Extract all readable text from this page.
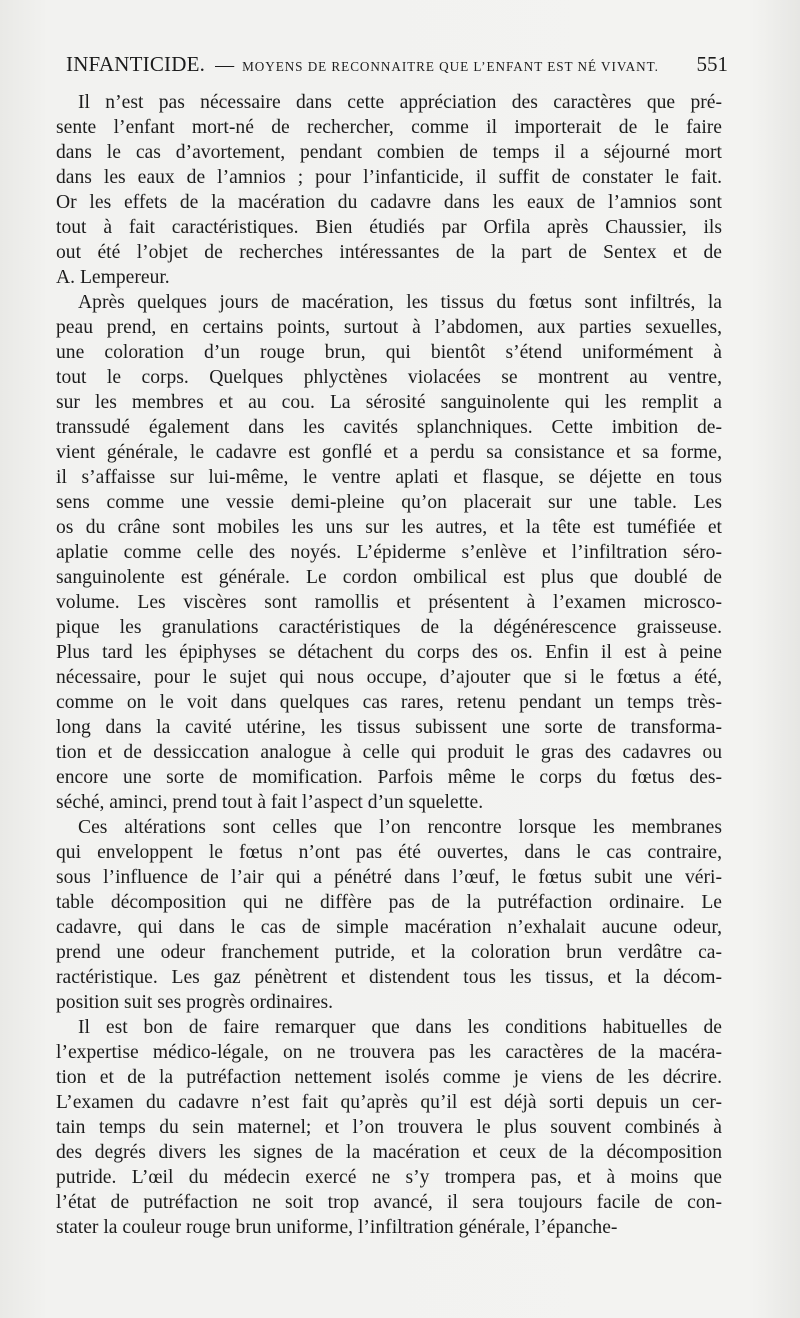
INFANTICIDE. — MOYENS DE RECONNAITRE QUE L’ENFANT EST NÉ VIVANT. 551

Il n’est pas nécessaire dans cette appréciation des caractères que pré-
sente l’enfant mort-né de rechercher, comme il importerait de le faire
dans le cas d’avortement, pendant combien de temps il a séjourné mort
dans les eaux de l’amnios ; pour l’infanticide, il suffit de constater le fait.
Or les effets de la macération du cadavre dans les eaux de l’amnios sont
tout à fait caractéristiques. Bien étudiés par Orfila après Chaussier, ils
out été l’objet de recherches intéressantes de la part de Sentex et de
A. Lempereur.

Après quelques jours de macération, les tissus du fœtus sont infiltrés, la
peau prend, en certains points, surtout à l’abdomen, aux parties sexuelles,
une coloration d’un rouge brun, qui bientôt s’étend uniformément à
tout le corps. Quelques phlyctènes violacées se montrent au ventre,
sur les membres et au cou. La sérosité sanguinolente qui les remplit a
transsudé également dans les cavités splanchniques. Cette imbition de-
vient générale, le cadavre est gonflé et a perdu sa consistance et sa forme,
il s’affaisse sur lui-même, le ventre aplati et flasque, se déjette en tous
sens comme une vessie demi-pleine qu’on placerait sur une table. Les
os du crâne sont mobiles les uns sur les autres, et la tête est tuméfiée et
aplatie comme celle des noyés. L’épiderme s’enlève et l’infiltration séro-
sanguinolente est générale. Le cordon ombilical est plus que doublé de
volume. Les viscères sont ramollis et présentent à l’examen microsco-
pique les granulations caractéristiques de la dégénérescence graisseuse.
Plus tard les épiphyses se détachent du corps des os. Enfin il est à peine
nécessaire, pour le sujet qui nous occupe, d’ajouter que si le fœtus a été,
comme on le voit dans quelques cas rares, retenu pendant un temps très-
long dans la cavité utérine, les tissus subissent une sorte de transforma-
tion et de dessiccation analogue à celle qui produit le gras des cadavres ou
encore une sorte de momification. Parfois même le corps du fœtus des-
séché, aminci, prend tout à fait l’aspect d’un squelette.

Ces altérations sont celles que l’on rencontre lorsque les membranes
qui enveloppent le fœtus n’ont pas été ouvertes, dans le cas contraire,
sous l’influence de l’air qui a pénétré dans l’œuf, le fœtus subit une véri-
table décomposition qui ne diffère pas de la putréfaction ordinaire. Le
cadavre, qui dans le cas de simple macération n’exhalait aucune odeur,
prend une odeur franchement putride, et la coloration brun verdâtre ca-
ractéristique. Les gaz pénètrent et distendent tous les tissus, et la décom-
position suit ses progrès ordinaires.

Il est bon de faire remarquer que dans les conditions habituelles de
l’expertise médico-légale, on ne trouvera pas les caractères de la macéra-
tion et de la putréfaction nettement isolés comme je viens de les décrire.
L’examen du cadavre n’est fait qu’après qu’il est déjà sorti depuis un cer-
tain temps du sein maternel; et l’on trouvera le plus souvent combinés à
des degrés divers les signes de la macération et ceux de la décomposition
putride. L’œil du médecin exercé ne s’y trompera pas, et à moins que
l’état de putréfaction ne soit trop avancé, il sera toujours facile de con-
stater la couleur rouge brun uniforme, l’infiltration générale, l’épanche-
